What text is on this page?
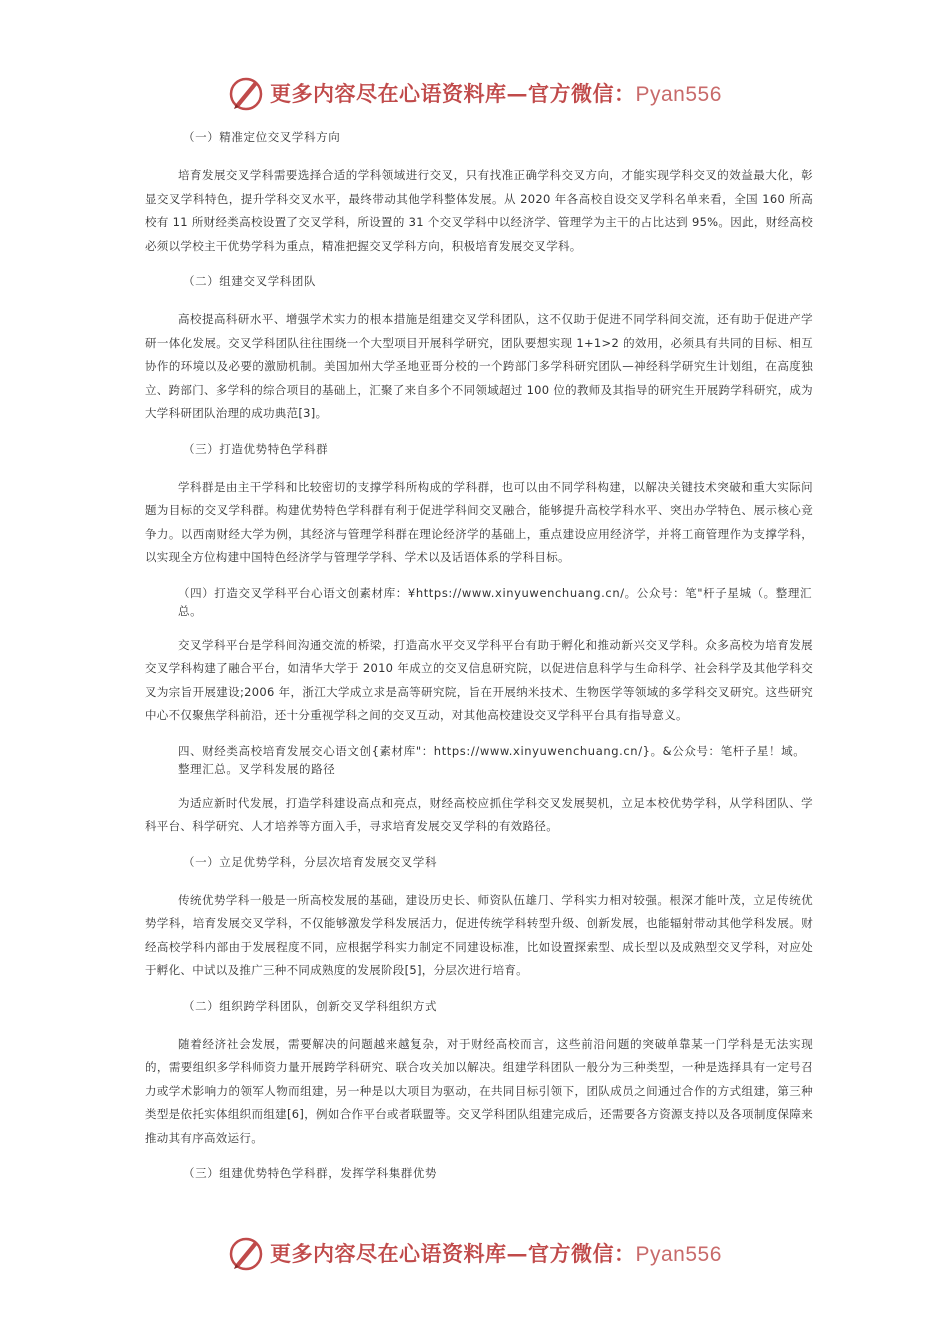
更多内容尽在心语资料库—官方微信：Pyan556
（一）精准定位交叉学科方向

培育发展交叉学科需要选择合适的学科领域进行交叉，只有找准正确学科交叉方向，才能实现学科交叉的效益最大化，彰显交叉学科特色，提升学科交叉水平，最终带动其他学科整体发展。从 2020 年各高校自设交叉学科名单来看，全国 160 所高校有 11 所财经类高校设置了交叉学科，所设置的 31 个交叉学科中以经济学、管理学为主干的占比达到 95%。因此，财经高校必须以学校主干优势学科为重点，精准把握交叉学科方向，积极培育发展交叉学科。

（二）组建交叉学科团队

高校提高科研水平、增强学术实力的根本措施是组建交叉学科团队，这不仅助于促进不同学科间交流，还有助于促进产学研一体化发展。交叉学科团队往往围绕一个大型项目开展科学研究，团队要想实现 1+1>2 的效用，必须具有共同的目标、相互协作的环境以及必要的激励机制。美国加州大学圣地亚哥分校的一个跨部门多学科研究团队—神经科学研究生计划组，在高度独立、跨部门、多学科的综合项目的基础上，汇聚了来自多个不同领域超过 100 位的教师及其指导的研究生开展跨学科研究，成为大学科研团队治理的成功典范[3]。

（三）打造优势特色学科群

学科群是由主干学科和比较密切的支撑学科所构成的学科群，也可以由不同学科构建，以解决关键技术突破和重大实际问题为目标的交叉学科群。构建优势特色学科群有利于促进学科间交叉融合，能够提升高校学科水平、突出办学特色、展示核心竞争力。以西南财经大学为例，其经济与管理学科群在理论经济学的基础上，重点建设应用经济学，并将工商管理作为支撑学科，以实现全方位构建中国特色经济学与管理学学科、学术以及话语体系的学科目标。

（四）打造交叉学科平台心语文创素材库：¥https://www.xinyuwenchuang.cn/。公众号：笔"杆子星城（。整理汇总。

交叉学科平台是学科间沟通交流的桥梁，打造高水平交叉学科平台有助于孵化和推动新兴交叉学科。众多高校为培育发展交叉学科构建了融合平台，如清华大学于 2010 年成立的交叉信息研究院，以促进信息科学与生命科学、社会科学及其他学科交叉为宗旨开展建设;2006 年，浙江大学成立求是高等研究院，旨在开展纳米技术、生物医学等领域的多学科交叉研究。这些研究中心不仅聚焦学科前沿，还十分重视学科之间的交叉互动，对其他高校建设交叉学科平台具有指导意义。

四、财经类高校培育发展交心语文创{素材库"：https://www.xinyuwenchuang.cn/}。&公众号：笔杆子星！域。整理汇总。叉学科发展的路径

为适应新时代发展，打造学科建设高点和亮点，财经高校应抓住学科交叉发展契机，立足本校优势学科，从学科团队、学科平台、科学研究、人才培养等方面入手，寻求培育发展交叉学科的有效路径。

（一）立足优势学科，分层次培育发展交叉学科

传统优势学科一般是一所高校发展的基础，建设历史长、师资队伍雄⺆、学科实力相对较强。根深才能叶茂，立足传统优势学科，培育发展交叉学科，不仅能够激发学科发展活力，促进传统学科转型升级、创新发展，也能辐射带动其他学科发展。财经高校学科内部由于发展程度不同，应根据学科实力制定不同建设标准，比如设置探索型、成长型以及成熟型交叉学科，对应处于孵化、中试以及推广三种不同成熟度的发展阶段[5]，分层次进行培育。

（二）组织跨学科团队，创新交叉学科组织方式

随着经济社会发展，需要解决的问题越来越复杂，对于财经高校而言，这些前沿问题的突破单靠某一门学科是无法实现的，需要组织多学科师资力量开展跨学科研究、联合攻关加以解决。组建学科团队一般分为三种类型，一种是选择具有一定号召力或学术影响力的领军人物而组建，另一种是以大项目为驱动，在共同目标引领下，团队成员之间通过合作的方式组建，第三种类型是依托实体组织而组建[6]，例如合作平台或者联盟等。交叉学科团队组建完成后，还需要各方资源支持以及各项制度保障来推动其有序高效运行。

（三）组建优势特色学科群，发挥学科集群优势
更多内容尽在心语资料库—官方微信：Pyan556
